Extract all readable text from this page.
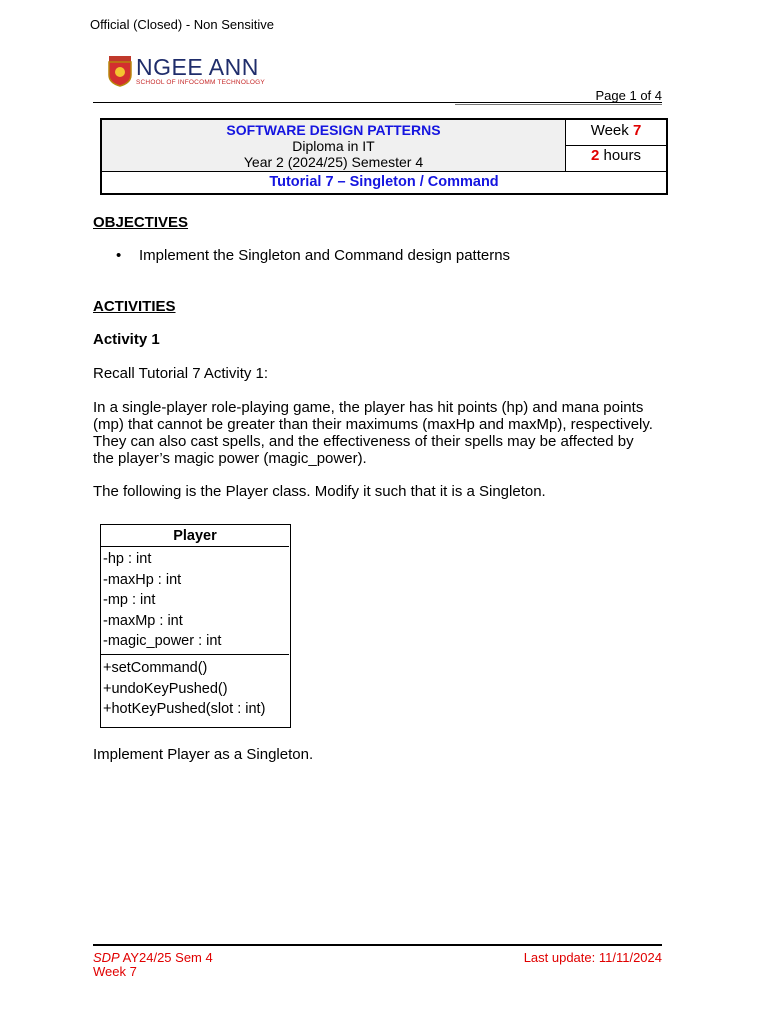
Official (Closed) - Non Sensitive
NGEE ANN
SCHOOL OF INFOCOMM TECHNOLOGY
Page 1 of 4
SOFTWARE DESIGN PATTERNS
Diploma in IT
Year 2 (2024/25) Semester 4
Week 7
2 hours
Tutorial 7 – Singleton / Command
OBJECTIVES
• Implement the Singleton and Command design patterns
ACTIVITIES
Activity 1
Recall Tutorial 7 Activity 1:
In a single-player role-playing game, the player has hit points (hp) and mana points
(mp) that cannot be greater than their maximums (maxHp and maxMp), respectively.
They can also cast spells, and the effectiveness of their spells may be affected by
the player’s magic power (magic_power).
The following is the Player class. Modify it such that it is a Singleton.
Player
-hp : int
-maxHp : int
-mp : int
-maxMp : int
-magic_power : int
+setCommand()
+undoKeyPushed()
+hotKeyPushed(slot : int)
Implement Player as a Singleton.
SDP AY24/25 Sem 4
Week 7
Last update: 11/11/2024
